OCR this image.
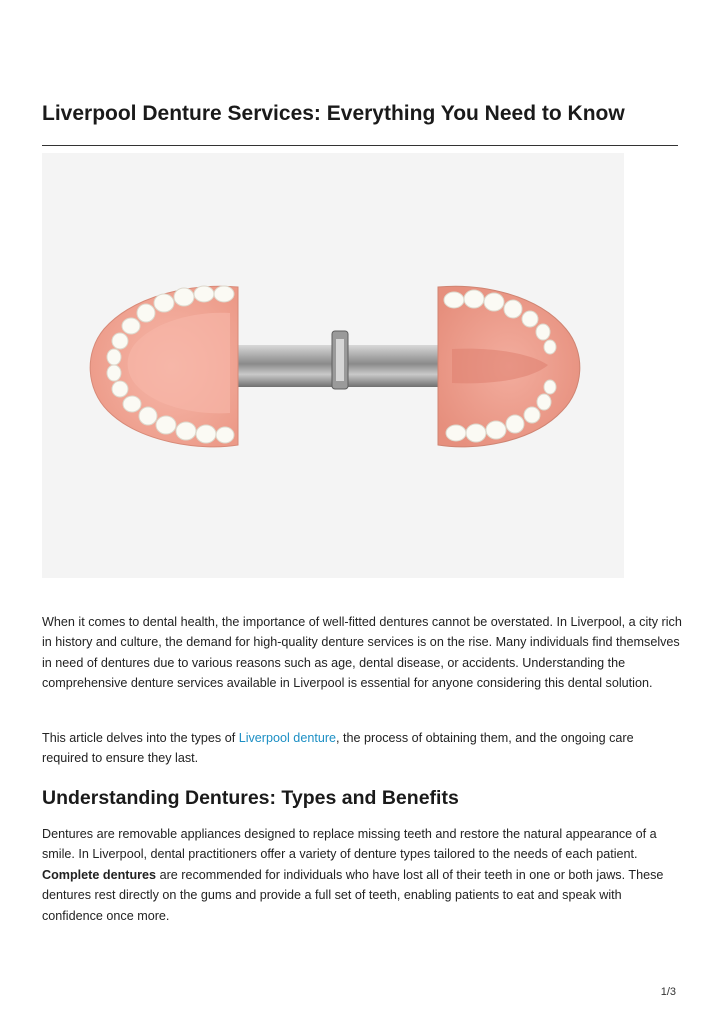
Liverpool Denture Services: Everything You Need to Know

When it comes to dental health, the importance of well-fitted dentures cannot be overstated. In Liverpool, a city rich in history and culture, the demand for high-quality denture services is on the rise. Many individuals find themselves in need of dentures due to various reasons such as age, dental disease, or accidents. Understanding the comprehensive denture services available in Liverpool is essential for anyone considering this dental solution.

This article delves into the types of Liverpool denture, the process of obtaining them, and the ongoing care required to ensure they last.

Understanding Dentures: Types and Benefits

Dentures are removable appliances designed to replace missing teeth and restore the natural appearance of a smile. In Liverpool, dental practitioners offer a variety of denture types tailored to the needs of each patient. Complete dentures are recommended for individuals who have lost all of their teeth in one or both jaws. These dentures rest directly on the gums and provide a full set of teeth, enabling patients to eat and speak with confidence once more.

1/3
